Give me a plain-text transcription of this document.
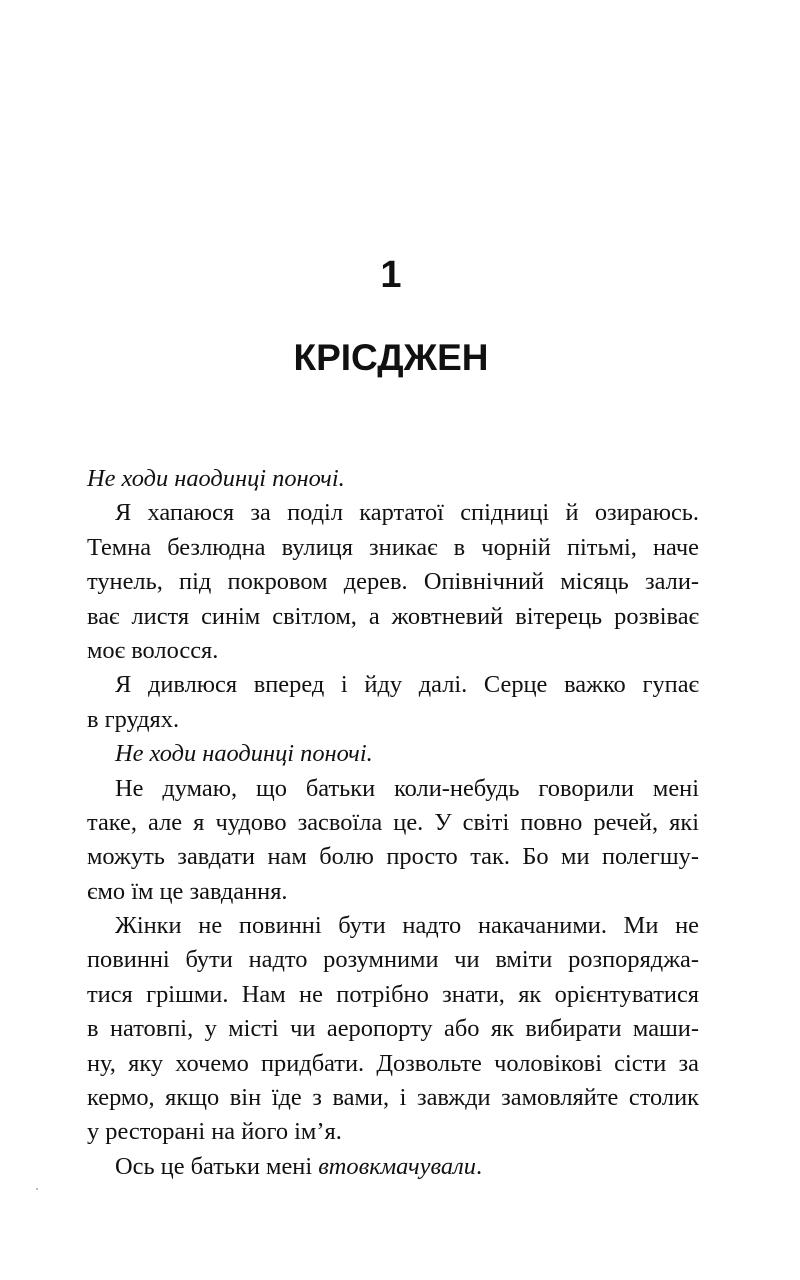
1
КРІСДЖЕН
Не ходи наодинці поночі.
Я хапаюся за поділ картатої спідниці й озираюсь.
Темна безлюдна вулиця зникає в чорній пітьмі, наче
тунель, під покровом дерев. Опівнічний місяць зали-
ває листя синім світлом, а жовтневий вітерець розвіває
моє волосся.
Я дивлюся вперед і йду далі. Серце важко гупає
в грудях.
Не ходи наодинці поночі.
Не думаю, що батьки коли-небудь говорили мені
таке, але я чудово засвоїла це. У світі повно речей, які
можуть завдати нам болю просто так. Бо ми полегшу-
ємо їм це завдання.
Жінки не повинні бути надто накачаними. Ми не
повинні бути надто розумними чи вміти розпоряджа-
тися грішми. Нам не потрібно знати, як орієнтуватися
в натовпі, у місті чи аеропорту або як вибирати маши-
ну, яку хочемо придбати. Дозвольте чоловікові сісти за
кермо, якщо він їде з вами, і завжди замовляйте столик
у ресторані на його ім’я.
Ось це батьки мені втовкмачували.
